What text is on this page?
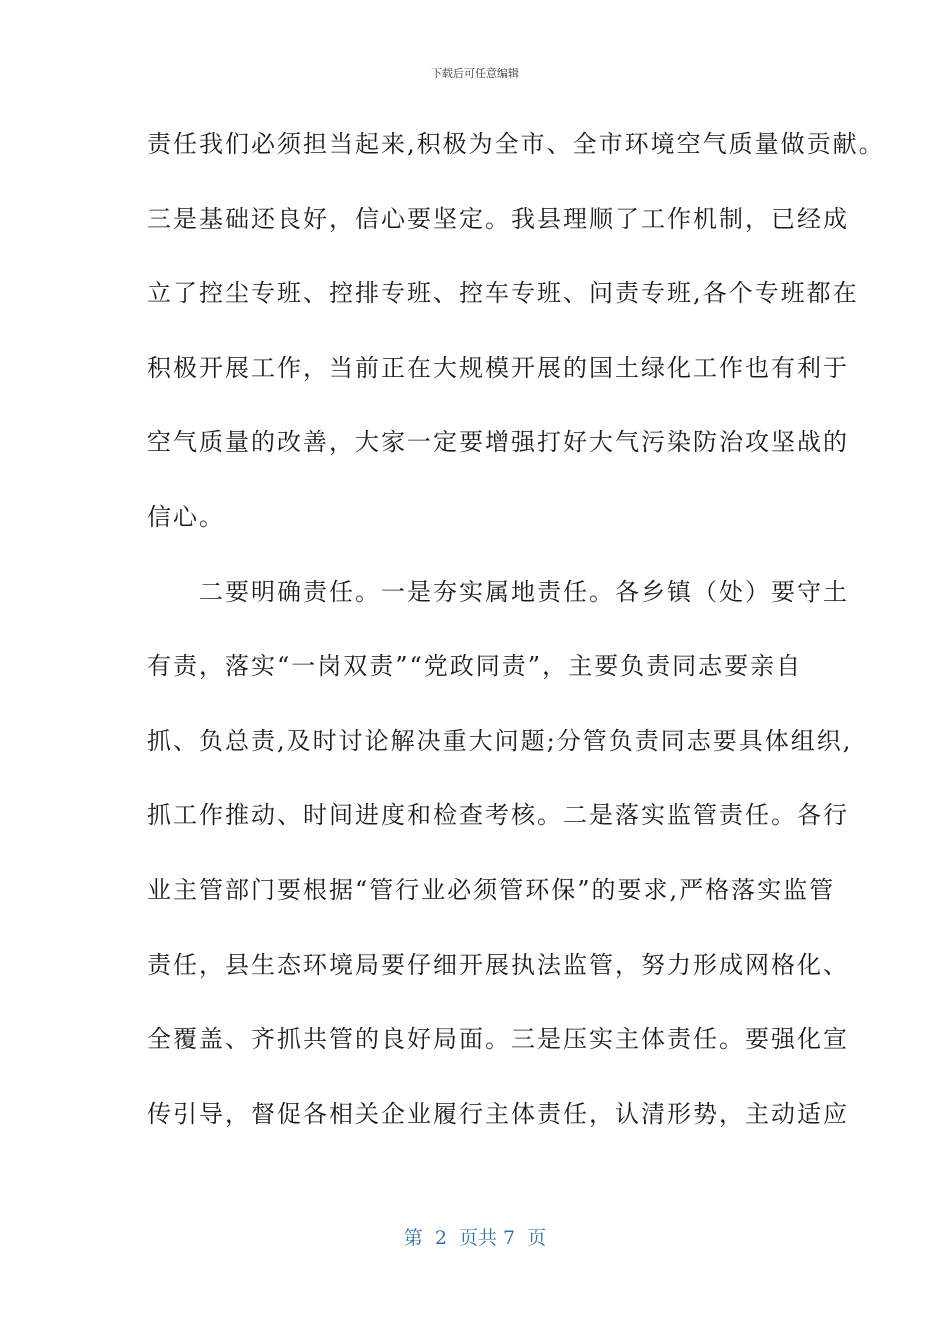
下载后可任意编辑
责任我们必须担当起来,积极为全市、全市环境空气质量做贡献。
三是基础还良好，信心要坚定。我县理顺了工作机制，已经成
立了控尘专班、控排专班、控车专班、问责专班,各个专班都在
积极开展工作，当前正在大规模开展的国土绿化工作也有利于
空气质量的改善，大家一定要增强打好大气污染防治攻坚战的
信心。
　　二要明确责任。一是夯实属地责任。各乡镇（处）要守土
有责，落实“一岗双责”“党政同责”，主要负责同志要亲自
抓、负总责,及时讨论解决重大问题;分管负责同志要具体组织,
抓工作推动、时间进度和检查考核。二是落实监管责任。各行
业主管部门要根据“管行业必须管环保”的要求,严格落实监管
责任，县生态环境局要仔细开展执法监管，努力形成网格化、
全覆盖、齐抓共管的良好局面。三是压实主体责任。要强化宣
传引导，督促各相关企业履行主体责任，认清形势，主动适应
第  2  页共 7  页
